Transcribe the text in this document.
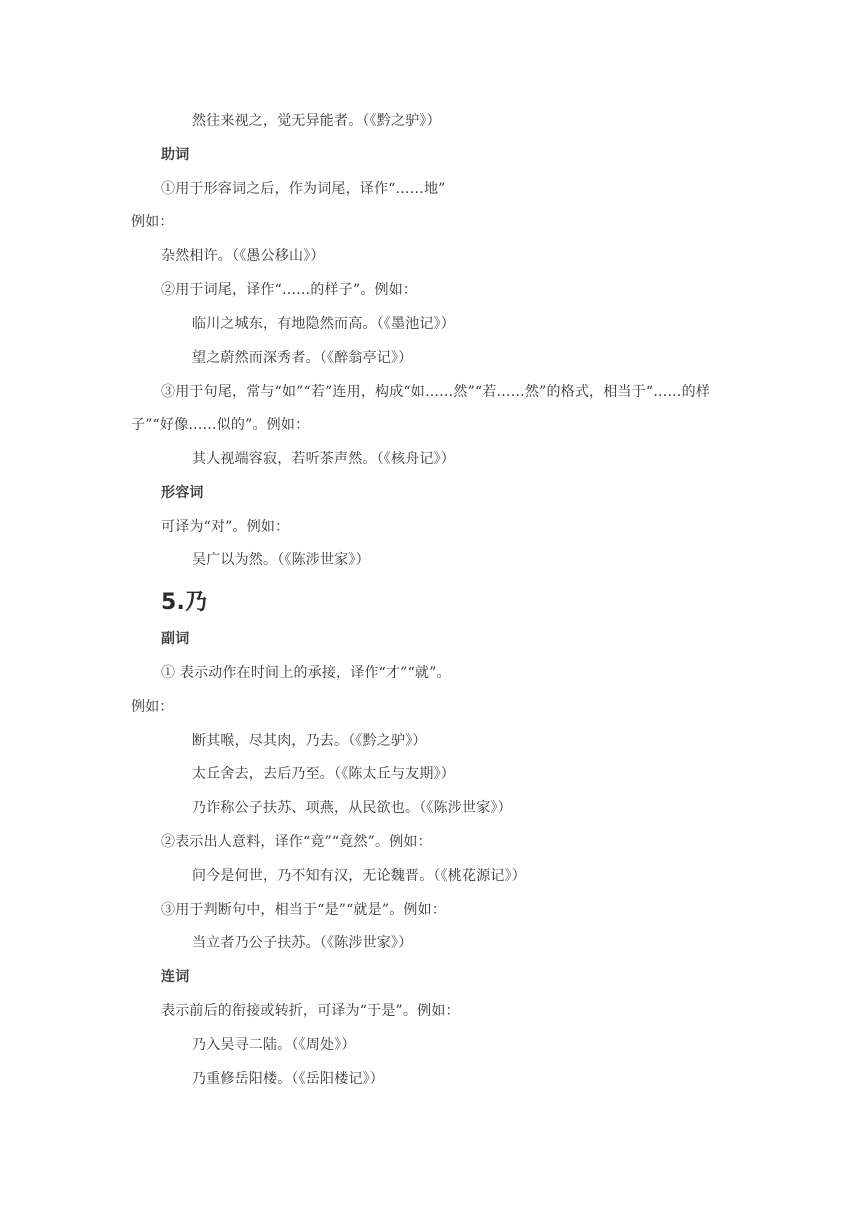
然往来视之，觉无异能者。（《黔之驴》）
助词
①用于形容词之后，作为词尾，译作“……地”
例如：
杂然相许。（《愚公移山》）
②用于词尾，译作“……的样子”。例如：
临川之城东，有地隐然而高。（《墨池记》）
望之蔚然而深秀者。（《醉翁亭记》）
③用于句尾，常与“如”“若”连用，构成“如……然”“若……然”的格式，相当于“……的样
子”“好像……似的”。例如：
其人视端容寂，若听茶声然。（《核舟记》）
形容词
可译为“对”。例如：
吴广以为然。（《陈涉世家》）
5.乃
副词
① 表示动作在时间上的承接，译作“才”“就”。
例如：
断其喉，尽其肉，乃去。（《黔之驴》）
太丘舍去，去后乃至。（《陈太丘与友期》）
乃诈称公子扶苏、项燕，从民欲也。（《陈涉世家》）
②表示出人意料，译作“竟”“竟然”。例如：
问今是何世，乃不知有汉，无论魏晋。（《桃花源记》）
③用于判断句中，相当于“是”“就是”。例如：
当立者乃公子扶苏。（《陈涉世家》）
连词
表示前后的衔接或转折，可译为“于是”。例如：
乃入吴寻二陆。（《周处》）
乃重修岳阳楼。（《岳阳楼记》）
